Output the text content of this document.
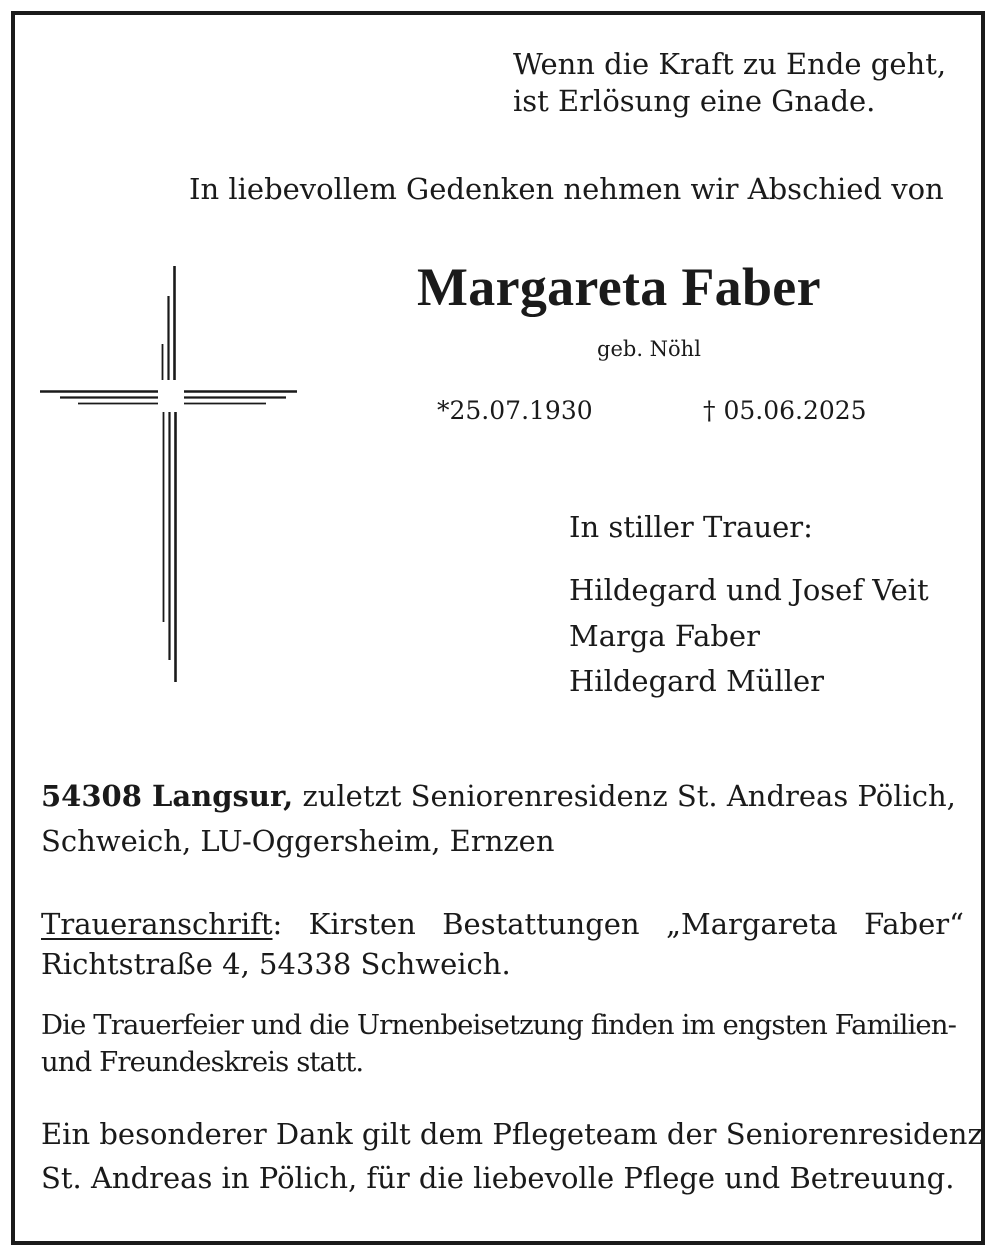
Wenn die Kraft zu Ende geht,
ist Erlösung eine Gnade.
In liebevollem Gedenken nehmen wir Abschied von
Margareta Faber
geb. Nöhl
*25.07.1930	† 05.06.2025
In stiller Trauer:
Hildegard und Josef Veit
Marga Faber
Hildegard Müller
54308 Langsur, zuletzt Seniorenresidenz St. Andreas Pölich,
Schweich, LU-Oggersheim, Ernzen
Traueranschrift: Kirsten Bestattungen „Margareta Faber“
Richtstraße 4, 54338 Schweich.
Die Trauerfeier und die Urnenbeisetzung finden im engsten Familien-
und Freundeskreis statt.
Ein besonderer Dank gilt dem Pflegeteam der Seniorenresidenz
St. Andreas in Pölich, für die liebevolle Pflege und Betreuung.
